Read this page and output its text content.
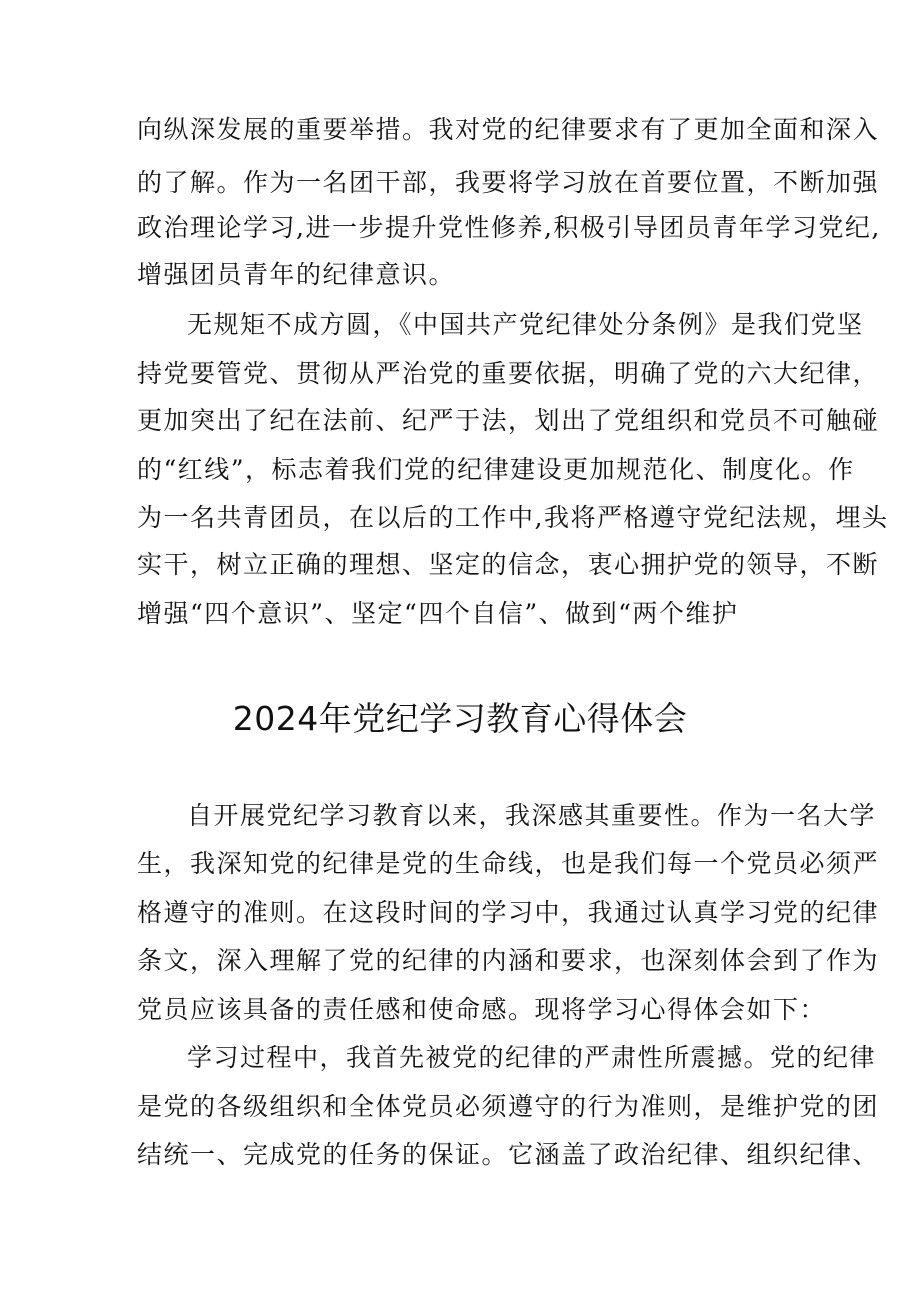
向纵深发展的重要举措。我对党的纪律要求有了更加全面和深入
的了解。作为一名团干部，我要将学习放在首要位置，不断加强
政治理论学习,进一步提升党性修养,积极引导团员青年学习党纪,
增强团员青年的纪律意识。
无规矩不成方圆，《中国共产党纪律处分条例》是我们党坚
持党要管党、贯彻从严治党的重要依据，明确了党的六大纪律，
更加突出了纪在法前、纪严于法，划出了党组织和党员不可触碰
的“红线”，标志着我们党的纪律建设更加规范化、制度化。作
为一名共青团员，在以后的工作中,我将严格遵守党纪法规，埋头
实干，树立正确的理想、坚定的信念，衷心拥护党的领导，不断
增强“四个意识”、坚定“四个自信”、做到“两个维护
2024年党纪学习教育心得体会
自开展党纪学习教育以来，我深感其重要性。作为一名大学
生，我深知党的纪律是党的生命线，也是我们每一个党员必须严
格遵守的准则。在这段时间的学习中，我通过认真学习党的纪律
条文，深入理解了党的纪律的内涵和要求，也深刻体会到了作为
党员应该具备的责任感和使命感。现将学习心得体会如下：
学习过程中，我首先被党的纪律的严肃性所震撼。党的纪律
是党的各级组织和全体党员必须遵守的行为准则，是维护党的团
结统一、完成党的任务的保证。它涵盖了政治纪律、组织纪律、
